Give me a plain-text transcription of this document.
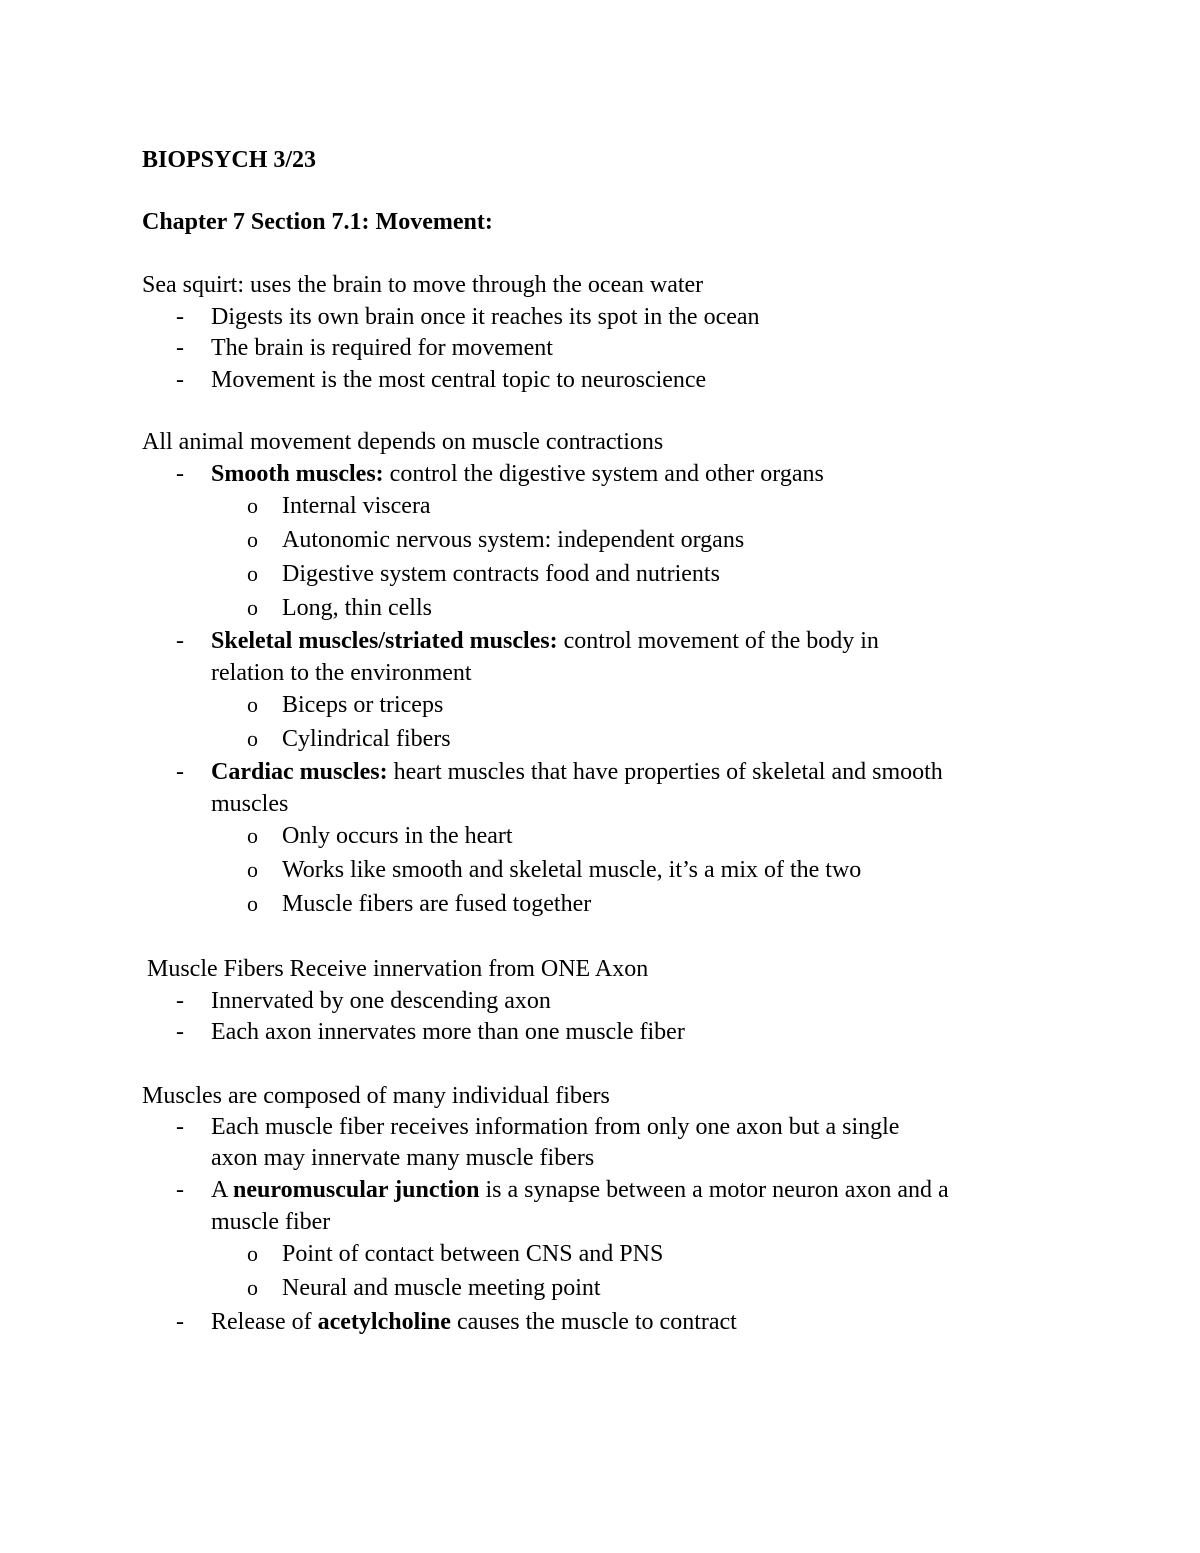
BIOPSYCH 3/23
Chapter 7 Section 7.1: Movement:
Sea squirt: uses the brain to move through the ocean water
- Digests its own brain once it reaches its spot in the ocean
- The brain is required for movement
- Movement is the most central topic to neuroscience
All animal movement depends on muscle contractions
- Smooth muscles: control the digestive system and other organs
o Internal viscera
o Autonomic nervous system: independent organs
o Digestive system contracts food and nutrients
o Long, thin cells
- Skeletal muscles/striated muscles: control movement of the body in
relation to the environment
o Biceps or triceps
o Cylindrical fibers
- Cardiac muscles: heart muscles that have properties of skeletal and smooth
muscles
o Only occurs in the heart
o Works like smooth and skeletal muscle, it’s a mix of the two
o Muscle fibers are fused together
Muscle Fibers Receive innervation from ONE Axon
- Innervated by one descending axon
- Each axon innervates more than one muscle fiber
Muscles are composed of many individual fibers
- Each muscle fiber receives information from only one axon but a single
axon may innervate many muscle fibers
- A neuromuscular junction is a synapse between a motor neuron axon and a
muscle fiber
o Point of contact between CNS and PNS
o Neural and muscle meeting point
- Release of acetylcholine causes the muscle to contract
